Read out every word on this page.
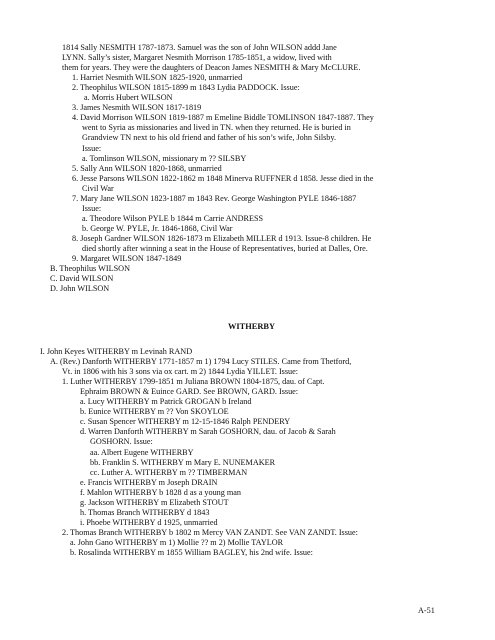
1814 Sally NESMITH 1787-1873. Samuel was the son of John WILSON addd Jane
LYNN. Sally’s sister, Margaret Nesmith Morrison 1785-1851, a widow, lived with
them for years. They were the daughters of Deacon James NESMITH & Mary McCLURE.
1. Harriet Nesmith WILSON 1825-1920, unmarried
2. Theophilus WILSON 1815-1899 m 1843 Lydia PADDOCK. Issue:
a. Morris Hubert WILSON
3. James Nesmith WILSON 1817-1819
4. David Morrison WILSON 1819-1887 m Emeline Biddle TOMLINSON 1847-1887. They
went to Syria as missionaries and lived in TN. when they returned. He is buried in
Grandview TN next to his old friend and father of his son’s wife, John Silsby.
Issue:
a. Tomlinson WILSON, missionary m ?? SILSBY
5. Sally Ann WILSON 1820-1868, unmarried
6. Jesse Parsons WILSON 1822-1862 m 1848 Minerva RUFFNER d 1858. Jesse died in the
Civil War
7. Mary Jane WILSON 1823-1887 m 1843 Rev. George Washington PYLE 1846-1887
Issue:
a. Theodore Wilson PYLE b 1844 m Carrie ANDRESS
b. George W. PYLE, Jr. 1846-1868, Civil War
8. Joseph Gardner WILSON 1826-1873 m Elizabeth MILLER d 1913. Issue-8 children. He
died shortly after winning a seat in the House of Representatives, buried at Dalles, Ore.
9. Margaret WILSON 1847-1849
B. Theophilus WILSON
C. David WILSON
D. John WILSON
WITHERBY
I. John Keyes WITHERBY m Levinah RAND
A. (Rev.) Danforth WITHERBY 1771-1857 m 1) 1794 Lucy STILES. Came from Thetford,
Vt. in 1806 with his 3 sons via ox cart. m 2) 1844 Lydia YILLET. Issue:
1. Luther WITHERBY 1799-1851 m Juliana BROWN 1804-1875, dau. of Capt.
Ephraim BROWN & Euince GARD. See BROWN, GARD. Issue:
a. Lucy WITHERBY m Patrick GROGAN b Ireland
b. Eunice WITHERBY m ?? Von SKOYLOE
c. Susan Spencer WITHERBY m 12-15-1846 Ralph PENDERY
d. Warren Danforth WITHERBY m Sarah GOSHORN, dau. of Jacob & Sarah
GOSHORN. Issue:
aa. Albert Eugene WITHERBY
bb. Franklin S. WITHERBY m Mary E. NUNEMAKER
cc. Luther A. WITHERBY m ?? TIMBERMAN
e. Francis WITHERBY m Joseph DRAIN
f. Mahlon WITHERBY b 1828 d as a young man
g. Jackson WITHERBY m Elizabeth STOUT
h. Thomas Branch WITHERBY d 1843
i. Phoebe WITHERBY d 1925, unmarried
2. Thomas Branch WITHERBY b 1802 m Mercy VAN ZANDT. See VAN ZANDT. Issue:
a. John Gano WITHERBY m 1) Mollie ?? m 2) Mollie TAYLOR
b. Rosalinda WITHERBY m 1855 William BAGLEY, his 2nd wife. Issue:
A-51
